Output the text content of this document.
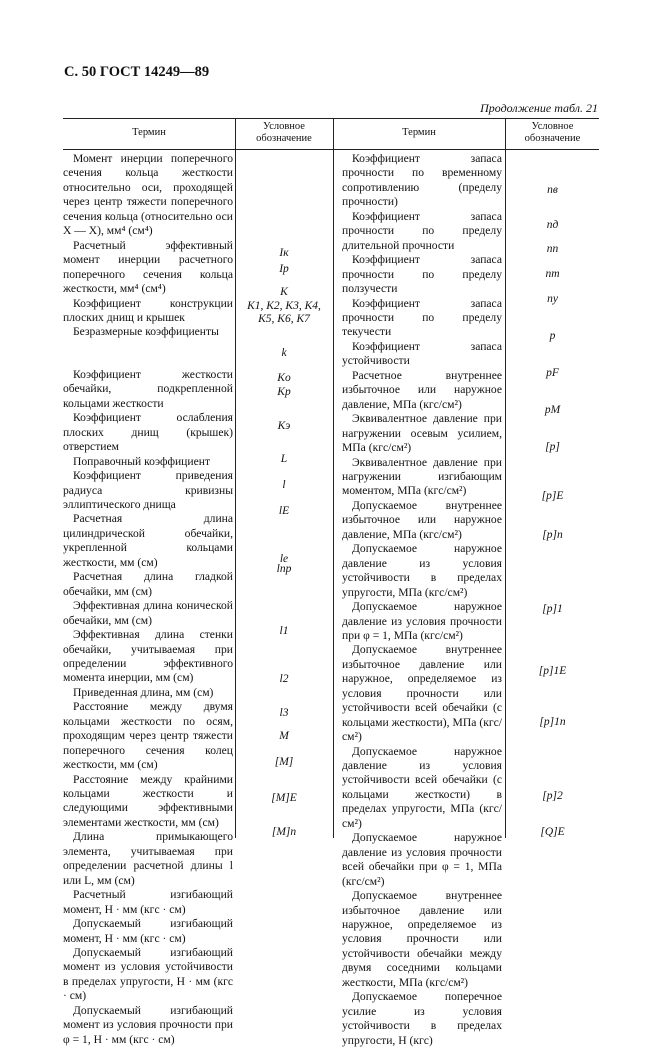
С. 50 ГОСТ 14249—89
Продолжение табл. 21
Термин
Условное обозначение
Термин
Условное обозначение
Момент инерции поперечного сечения кольца жесткости относительно оси, проходящей через центр тяжести поперечного сечения кольца (относительно оси X — X), мм⁴ (см⁴)
Расчетный эффективный момент инерции расчетного поперечного сечения кольца жесткости, мм⁴ (см⁴)
Коэффициент конструкции плоских днищ и крышек
Безразмерные коэффициенты
Коэффициент жесткости обечайки, подкрепленной кольцами жесткости
Коэффициент ослабления плоских днищ (крышек) отверстием
Поправочный коэффициент
Коэффициент приведения радиуса кривизны эллиптического днища
Расчетная длина цилиндрической обечайки, укрепленной кольцами жесткости, мм (см)
Расчетная длина гладкой обечайки, мм (см)
Эффективная длина конической обечайки, мм (см)
Эффективная длина стенки обечайки, учитываемая при определении эффективного момента инерции, мм (см)
Приведенная длина, мм (см)
Расстояние между двумя кольцами жесткости по осям, проходящим через центр тяжести поперечного сечения колец жесткости, мм (см)
Расстояние между крайними кольцами жесткости и следующими эффективными элементами жесткости, мм (см)
Длина примыкающего элемента, учитываемая при определении расчетной длины l или L, мм (см)
Расчетный изгибающий момент, Н · мм (кгс · см)
Допускаемый изгибающий момент, Н · мм (кгс · см)
Допускаемый изгибающий момент из условия устойчивости в пределах упругости, Н · мм (кгс · см)
Допускаемый изгибающий момент из условия прочности при φ = 1, Н · мм (кгс · см)
Коэффициент запаса прочности по временному сопротивлению (пределу прочности)
Коэффициент запаса прочности по пределу длительной прочности
Коэффициент запаса прочности по пределу ползучести
Коэффициент запаса прочности по пределу текучести
Коэффициент запаса устойчивости
Расчетное внутреннее избыточное или наружное давление, МПа (кгс/см²)
Эквивалентное давление при нагружении осевым усилием, МПа (кгс/см²)
Эквивалентное давление при нагружении изгибающим моментом, МПа (кгс/см²)
Допускаемое внутреннее избыточное или наружное давление, МПа (кгс/см²)
Допускаемое наружное давление из условия устойчивости в пределах упругости, МПа (кгс/см²)
Допускаемое наружное давление из условия прочности при φ = 1, МПа (кгс/см²)
Допускаемое внутреннее избыточное давление или наружное, определяемое из условия прочности или устойчивости всей обечайки (с кольцами жесткости), МПа (кгс/см²)
Допускаемое наружное давление из условия устойчивости всей обечайки (с кольцами жесткости) в пределах упругости, МПа (кгс/см²)
Допускаемое наружное давление из условия прочности всей обечайки при φ = 1, МПа (кгс/см²)
Допускаемое внутреннее избыточное давление или наружное, определяемое из условия прочности или устойчивости обечайки между двумя соседними кольцами жесткости, МПа (кгс/см²)
Допускаемое поперечное усилие из условия устойчивости в пределах упругости, Н (кгс)
Iк
Iр
K
K1, K2, K3, K4, K5, K6, K7
k
Kо
Kр
Kэ
L
l
lE
le
lпр
l1
l2
l3
M
[M]
[M]E
[M]п
nв
nд
nп
nт
nу
p
pF
pM
[p]
[p]E
[p]п
[p]1
[p]1E
[p]1п
[p]2
[Q]E
